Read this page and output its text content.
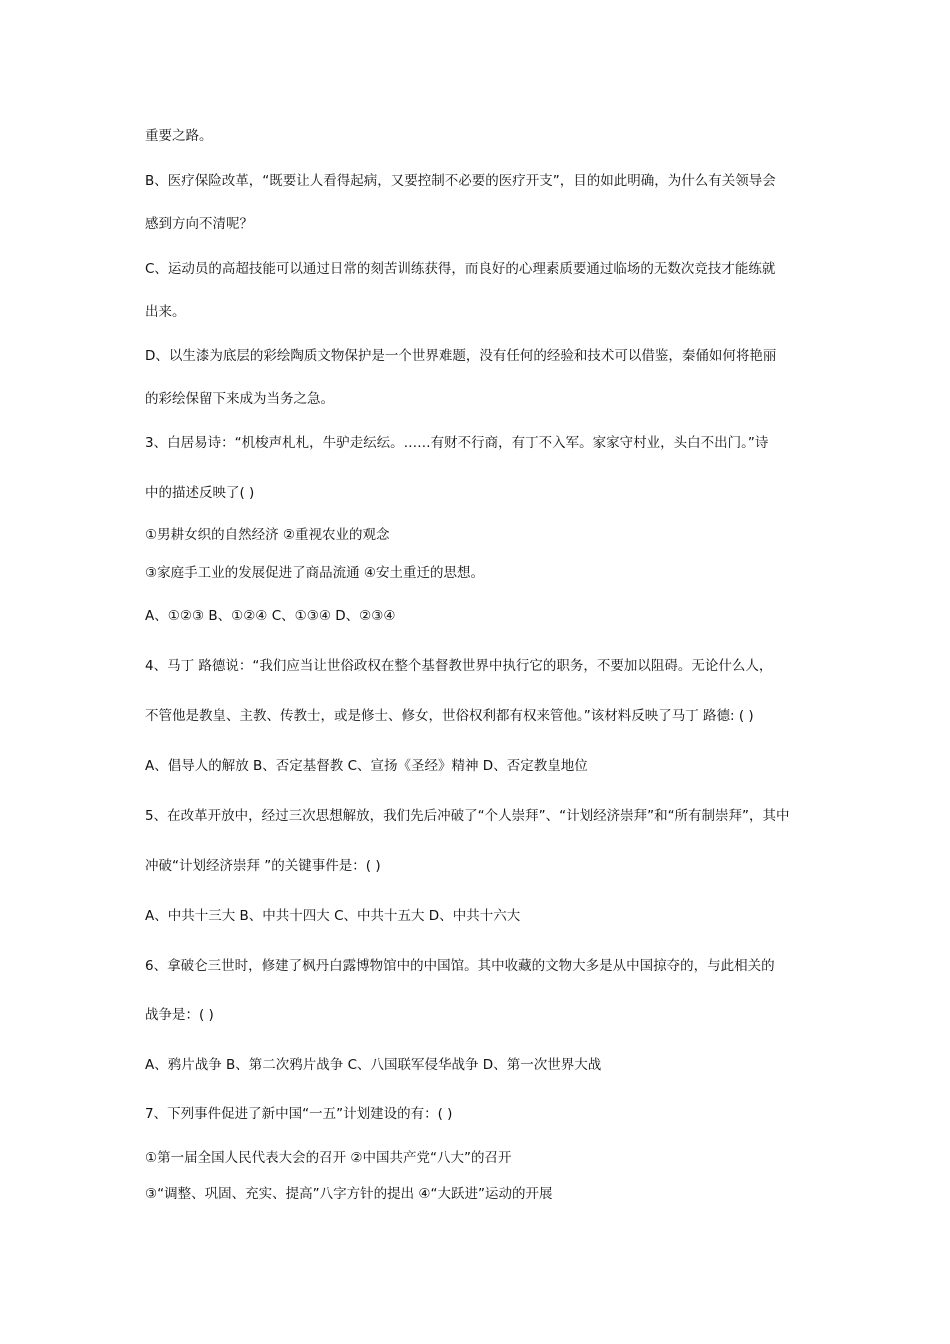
重要之路。
B、医疗保险改革，“既要让人看得起病，又要控制不必要的医疗开支”，目的如此明确，为什么有关领导会
感到方向不清呢？
C、运动员的高超技能可以通过日常的刻苦训练获得，而良好的心理素质要通过临场的无数次竞技才能练就
出来。
D、以生漆为底层的彩绘陶质文物保护是一个世界难题，没有任何的经验和技术可以借鉴，秦俑如何将艳丽
的彩绘保留下来成为当务之急。
3、白居易诗：“机梭声札札，牛驴走纭纭。……有财不行商，有丁不入军。家家守村业，头白不出门。”诗
中的描述反映了( )
①男耕女织的自然经济 ②重视农业的观念
③家庭手工业的发展促进了商品流通 ④安土重迁的思想。
A、①②③ B、①②④ C、①③④ D、②③④
4、马丁 路德说：“我们应当让世俗政权在整个基督教世界中执行它的职务，不要加以阻碍。无论什么人，
不管他是教皇、主教、传教士，或是修士、修女，世俗权利都有权来管他。”该材料反映了马丁 路德: ( )
A、倡导人的解放 B、否定基督教 C、宣扬《圣经》精神 D、否定教皇地位
5、在改革开放中，经过三次思想解放，我们先后冲破了“个人崇拜”、“计划经济崇拜”和“所有制崇拜”，其中
冲破“计划经济崇拜 ”的关键事件是：( )
A、中共十三大 B、中共十四大 C、中共十五大 D、中共十六大
6、拿破仑三世时，修建了枫丹白露博物馆中的中国馆。其中收藏的文物大多是从中国掠夺的，与此相关的
战争是：( )
A、鸦片战争 B、第二次鸦片战争 C、八国联军侵华战争 D、第一次世界大战
7、下列事件促进了新中国“一五”计划建设的有：( )
①第一届全国人民代表大会的召开 ②中国共产党“八大”的召开
③“调整、巩固、充实、提高”八字方针的提出 ④“大跃进”运动的开展
